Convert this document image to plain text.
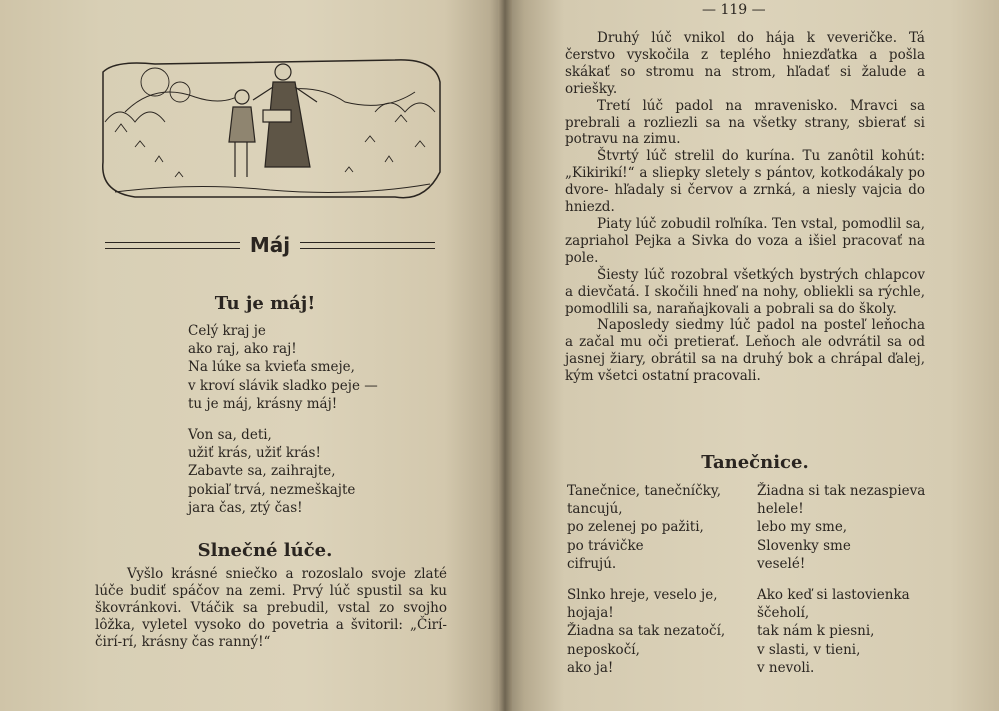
Máj
Tu je máj!
Celý kraj je
ako raj, ako raj!
Na lúke sa kvieťa smeje,
v kroví slávik sladko peje —
tu je máj, krásny máj!
Von sa, deti,
užiť krás, užiť krás!
Zabavte sa, zaihrajte,
pokiaľ trvá, nezmeškajte
jara čas, ztý čas!
Slnečné lúče.

Vyšlo krásné sniečko a rozoslalo svoje zlaté lúče budiť spáčov na zemi. Prvý lúč spustil sa ku škovránkovi. Vtáčik sa prebudil, vstal zo svojho lôžka, vyletel vysoko do povetria a švitoril: „Čirí-čirí-rí, krásny čas ranný!“

— 119 —

Druhý lúč vnikol do hája k veveričke. Tá čerstvo vyskočila z teplého hniezďatka a pošla skákať so stromu na strom, hľadať si žalude a oriešky.

Tretí lúč padol na mravenisko. Mravci sa prebrali a rozliezli sa na všetky strany, sbierať si potravu na zimu.

Štvrtý lúč strelil do kurína. Tu zanôtil kohút: „Kikirikí!“ a sliepky sletely s pántov, kotkodákaly po dvore- hľadaly si červov a zrnká, a niesly vajcia do hniezd.

Piaty lúč zobudil roľníka. Ten vstal, pomodlil sa, zapriahol Pejka a Sivka do voza a išiel pracovať na pole.

Šiesty lúč rozobral všetkých bystrých chlapcov a dievčatá. I skočili hneď na nohy, obliekli sa rýchle, pomodlili sa, naraňajkovali a pobrali sa do školy.

Naposledy siedmy lúč padol na posteľ leňocha a začal mu oči pretierať. Leňoch ale odvrátil sa od jasnej žiary, obrátil sa na druhý bok a chrápal ďalej, kým všetci ostatní pracovali.

Tanečnice.
Tanečnice, tanečníčky,
tancujú,
po zelenej po pažiti,
po trávičke
cifrujú.
Slnko hreje, veselo je,
hojaja!
Žiadna sa tak nezatočí,
neposkočí,
ako ja!
Žiadna si tak nezaspieva
helele!
lebo my sme,
Slovenky sme
veselé!
Ako keď si lastovienka
ščeholí,
tak nám k piesni,
v slasti, v tieni,
v nevoli.
